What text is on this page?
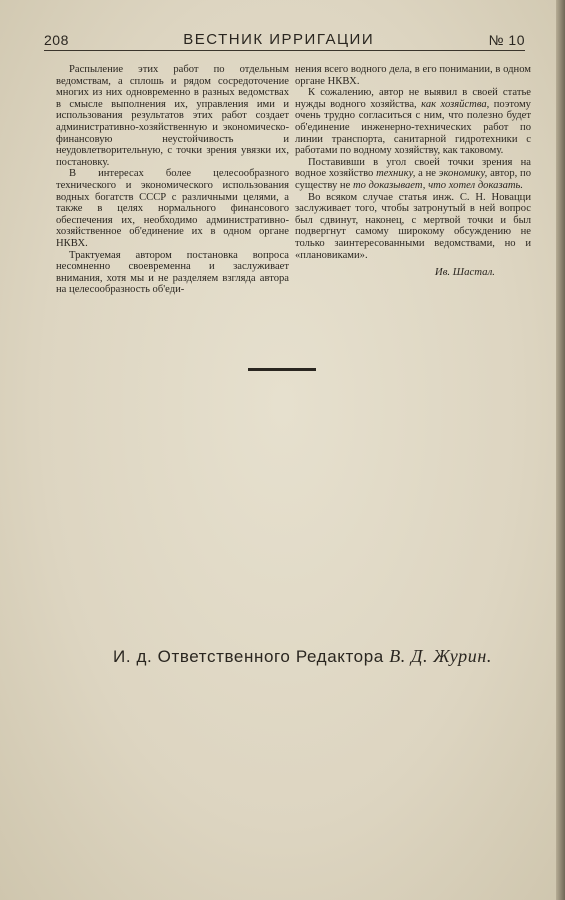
208	ВЕСТНИК ИРРИГАЦИИ	№ 10

Распыление этих работ по отдельным ведомствам, а сплошь и рядом сосредоточение многих из них одновременно в разных ведомствах в смысле выполнения их, управления ими и использования результатов этих работ создает административно-хозяйственную и экономическо-финансовую неустойчивость и неудовлетворительную, с точки зрения увязки их, постановку.

В интересах более целесообразного технического и экономического использования водных богатств СССР с различными целями, а также в целях нормального финансового обеспечения их, необходимо административно-хозяйственное об'единение их в одном органе НКВХ.

Трактуемая автором постановка вопроса несомненно своевременна и заслуживает внимания, хотя мы и не разделяем взгляда автора на целесообразность об'еди-

нения всего водного дела, в его понимании, в одном органе НКВХ.

К сожалению, автор не выявил в своей статье нужды водного хозяйства, как хозяйства, поэтому очень трудно согласиться с ним, что полезно будет об'единение инженерно-технических работ по линии транспорта, санитарной гидротехники с работами по водному хозяйству, как таковому.

Поставивши в угол своей точки зрения на водное хозяйство технику, а не экономику, автор, по существу не то доказывает, что хотел доказать.

Во всяком случае статья инж. С. Н. Новацци заслуживает того, чтобы затронутый в ней вопрос был сдвинут, наконец, с мертвой точки и был подвергнут самому широкому обсуждению не только заинтересованными ведомствами, но и «плановиками».

Ив. Шастал.
И. д. Ответственного Редактора В. Д. Журин.
